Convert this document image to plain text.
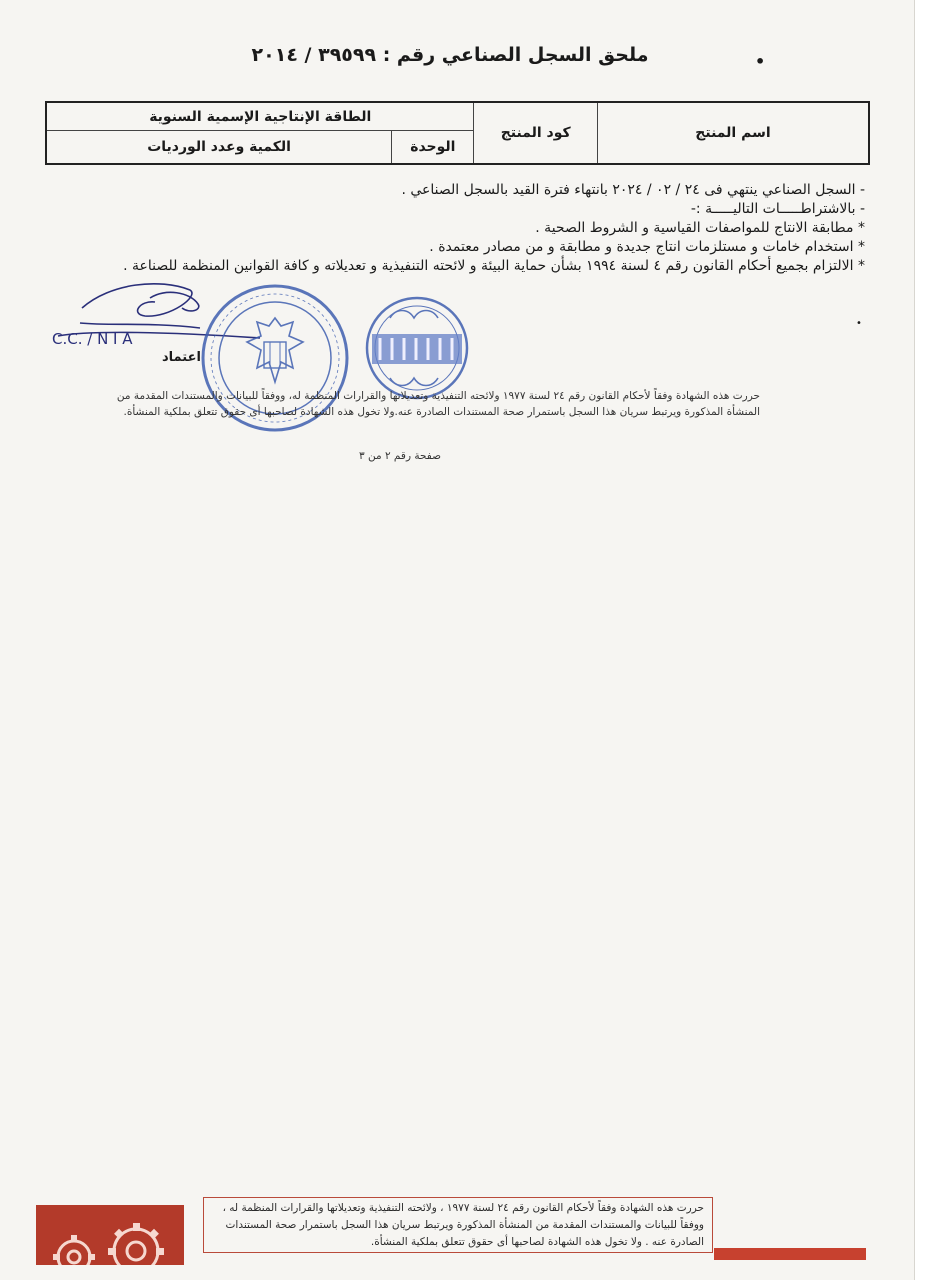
•
ملحق السجل الصناعي رقم : ٣٩٥٩٩ / ٢٠١٤
اسم المنتج	كود المنتج	الطاقة الإنتاجية الإسمية السنوية	
		الوحدة	الكمية وعدد الورديات
- السجل الصناعي ينتهي فى ٢٤ / ٠٢ / ٢٠٢٤ بانتهاء فترة القيد بالسجل الصناعي .
- بالاشتراطـــــات التاليـــــة :-
* مطابقة الانتاج للمواصفات القياسية و الشروط الصحية .
* استخدام خامات و مستلزمات انتاج جديدة و مطابقة و من مصادر معتمدة .
* الالتزام بجميع أحكام القانون رقم ٤ لسنة ١٩٩٤ بشأن حماية البيئة و لائحته التنفيذية و تعديلاته و كافة القوانين المنظمة للصناعة .
•
C.C. / N I A
اعتماد
حررت هذه الشهادة وفقاً لأحكام القانون رقم ٢٤ لسنة ١٩٧٧ ولائحته التنفيذية وتعديلاتها والقرارات المنظمة له، ووفقاً للبيانات والمستندات المقدمة من المنشأة المذكورة ويرتبط سريان هذا السجل باستمرار صحة المستندات الصادرة عنه.ولا تخول هذه الشهادة لصاحبها أى حقوق تتعلق بملكية المنشأة.
صفحة رقم ٢ من ٣
حررت هذه الشهادة وفقاً لأحكام القانون رقم ٢٤ لسنة ١٩٧٧ ، ولائحته التنفيذية وتعديلاتها والقرارات المنظمة له ، ووفقاً للبيانات والمستندات المقدمة من المنشأة المذكورة ويرتبط سريان هذا السجل باستمرار صحة المستندات الصادرة عنه . ولا تخول هذه الشهادة لصاحبها أى حقوق تتعلق بملكية المنشأة.
